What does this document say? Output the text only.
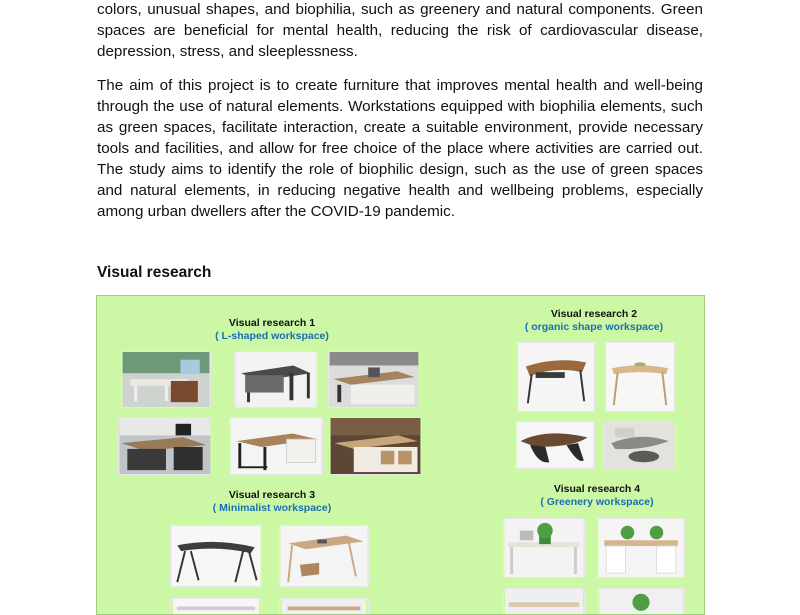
colors, unusual shapes, and biophilia, such as greenery and natural components. Green spaces are beneficial for mental health, reducing the risk of cardiovascular disease, depression, stress, and sleeplessness.

The aim of this project is to create furniture that improves mental health and well-being through the use of natural elements. Workstations equipped with biophilia elements, such as green spaces, facilitate interaction, create a suitable environment, provide necessary tools and facilities, and allow for free choice of the place where activities are carried out. The study aims to identify the role of biophilic design, such as the use of green spaces and natural elements, in reducing negative health and wellbeing problems, especially among urban dwellers after the COVID-19 pandemic.

Visual research
Visual research 1
( L-shaped workspace)
Visual research 2
( organic shape workspace)
Visual research 3
( Minimalist workspace)
Visual research 4
( Greenery workspace)
